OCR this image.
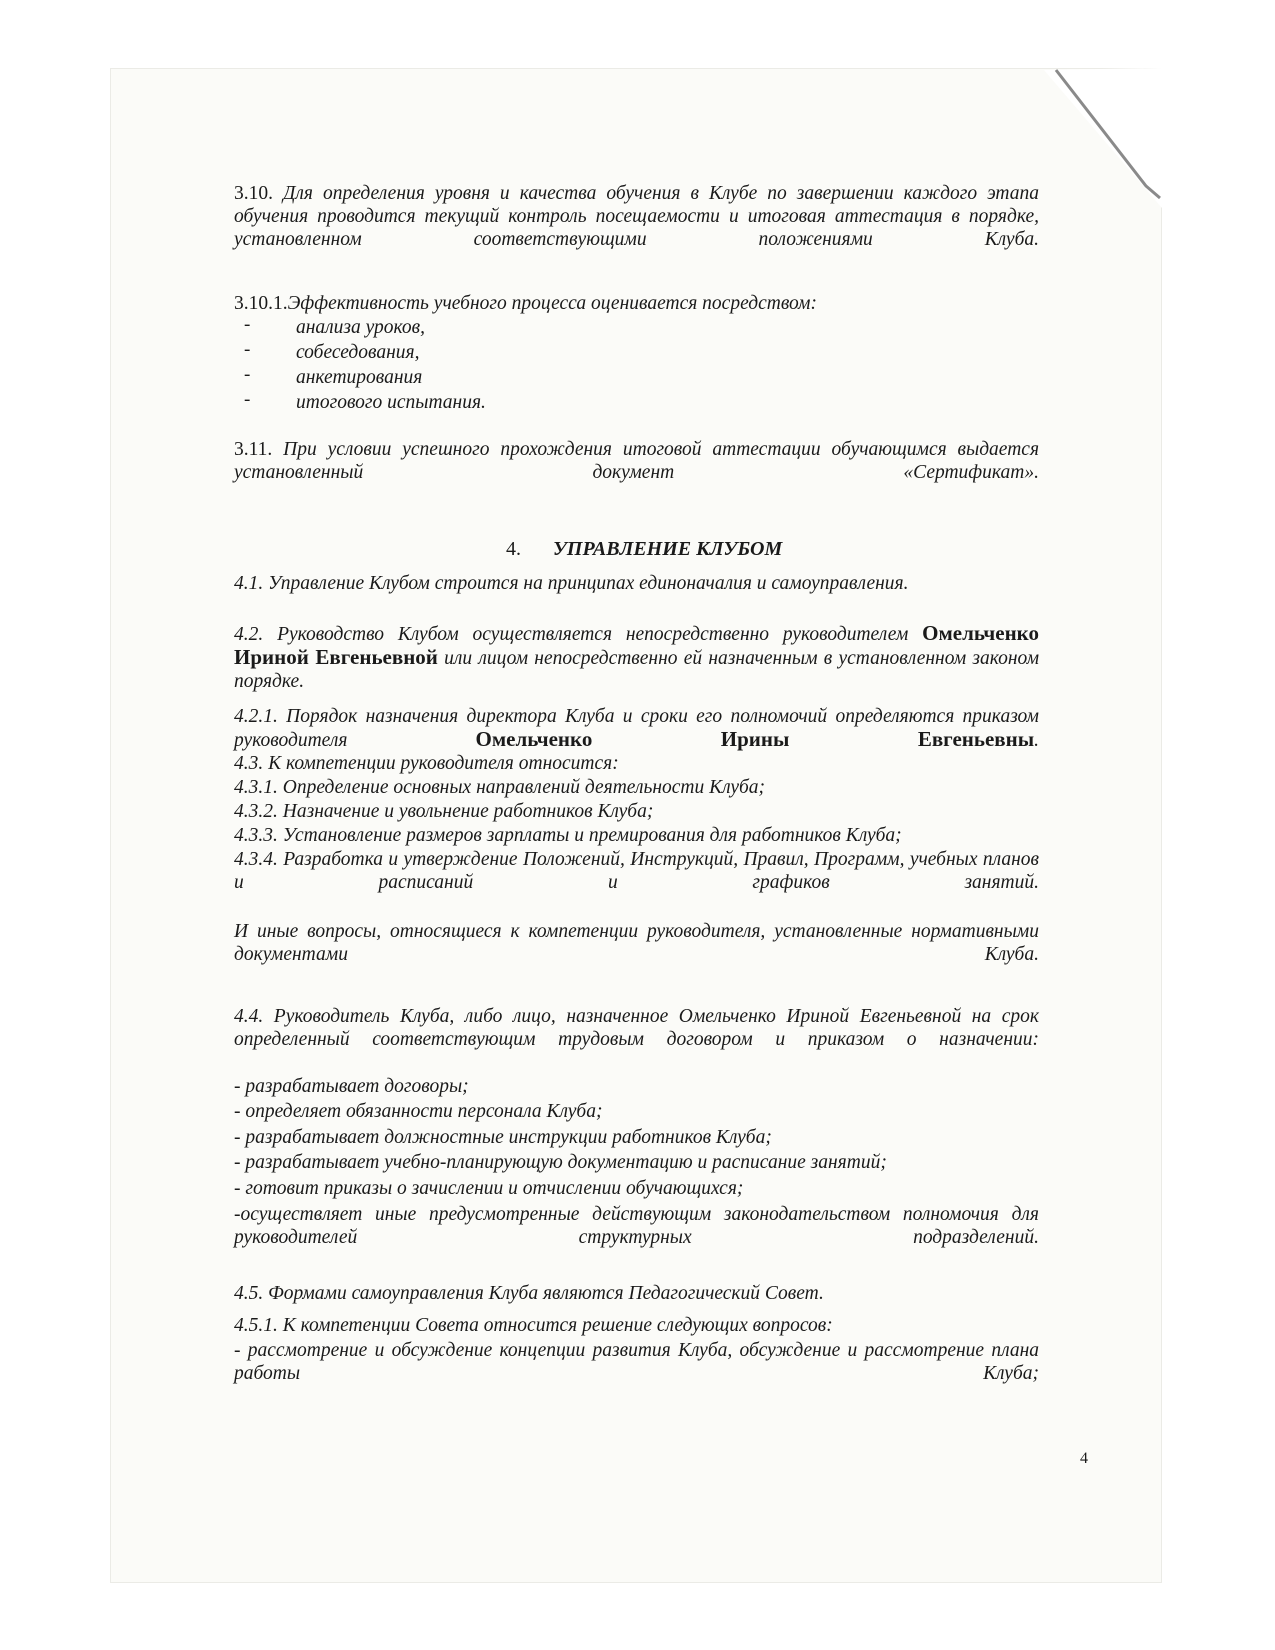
3.10. Для определения уровня и качества обучения в Клубе по завершении каждого этапа обучения проводится текущий контроль посещаемости и итоговая аттестация в порядке, установленном соответствующими положениями Клуба.

3.10.1.Эффективность учебного процесса оценивается посредством:

- анализа уроков,

- собеседования,

- анкетирования

- итогового испытания.

3.11. При условии успешного прохождения итоговой аттестации обучающимся выдается установленный документ «Сертификат».

4. УПРАВЛЕНИЕ КЛУБОМ

4.1. Управление Клубом строится на принципах единоначалия и самоуправления.

4.2. Руководство Клубом осуществляется непосредственно руководителем Омельченко Ириной Евгеньевной или лицом непосредственно ей назначенным в установленном законом порядке.

4.2.1. Порядок назначения директора Клуба и сроки его полномочий определяются приказом руководителя	Омельченко Ирины Евгеньевны.

4.3. К компетенции руководителя относится:

4.3.1. Определение основных направлений деятельности Клуба;

4.3.2. Назначение и увольнение работников Клуба;

4.3.3. Установление размеров зарплаты и премирования для работников Клуба;

4.3.4. Разработка и утверждение Положений, Инструкций, Правил, Программ, учебных планов и расписаний и графиков занятий.

И иные вопросы, относящиеся к компетенции руководителя, установленные нормативными документами Клуба.

4.4. Руководитель Клуба, либо лицо, назначенное Омельченко Ириной Евгеньевной на срок определенный соответствующим трудовым договором и приказом о назначении:

- разрабатывает договоры;

- определяет обязанности персонала Клуба;

- разрабатывает должностные инструкции работников Клуба;

- разрабатывает учебно-планирующую документацию и расписание занятий;

- готовит приказы о зачислении и отчислении обучающихся;

-осуществляет иные предусмотренные действующим законодательством полномочия для руководителей структурных подразделений.

4.5. Формами самоуправления Клуба являются Педагогический Совет.

4.5.1. К компетенции Совета относится решение следующих вопросов:

- рассмотрение и обсуждение концепции развития Клуба, обсуждение и рассмотрение плана работы Клуба;

4
